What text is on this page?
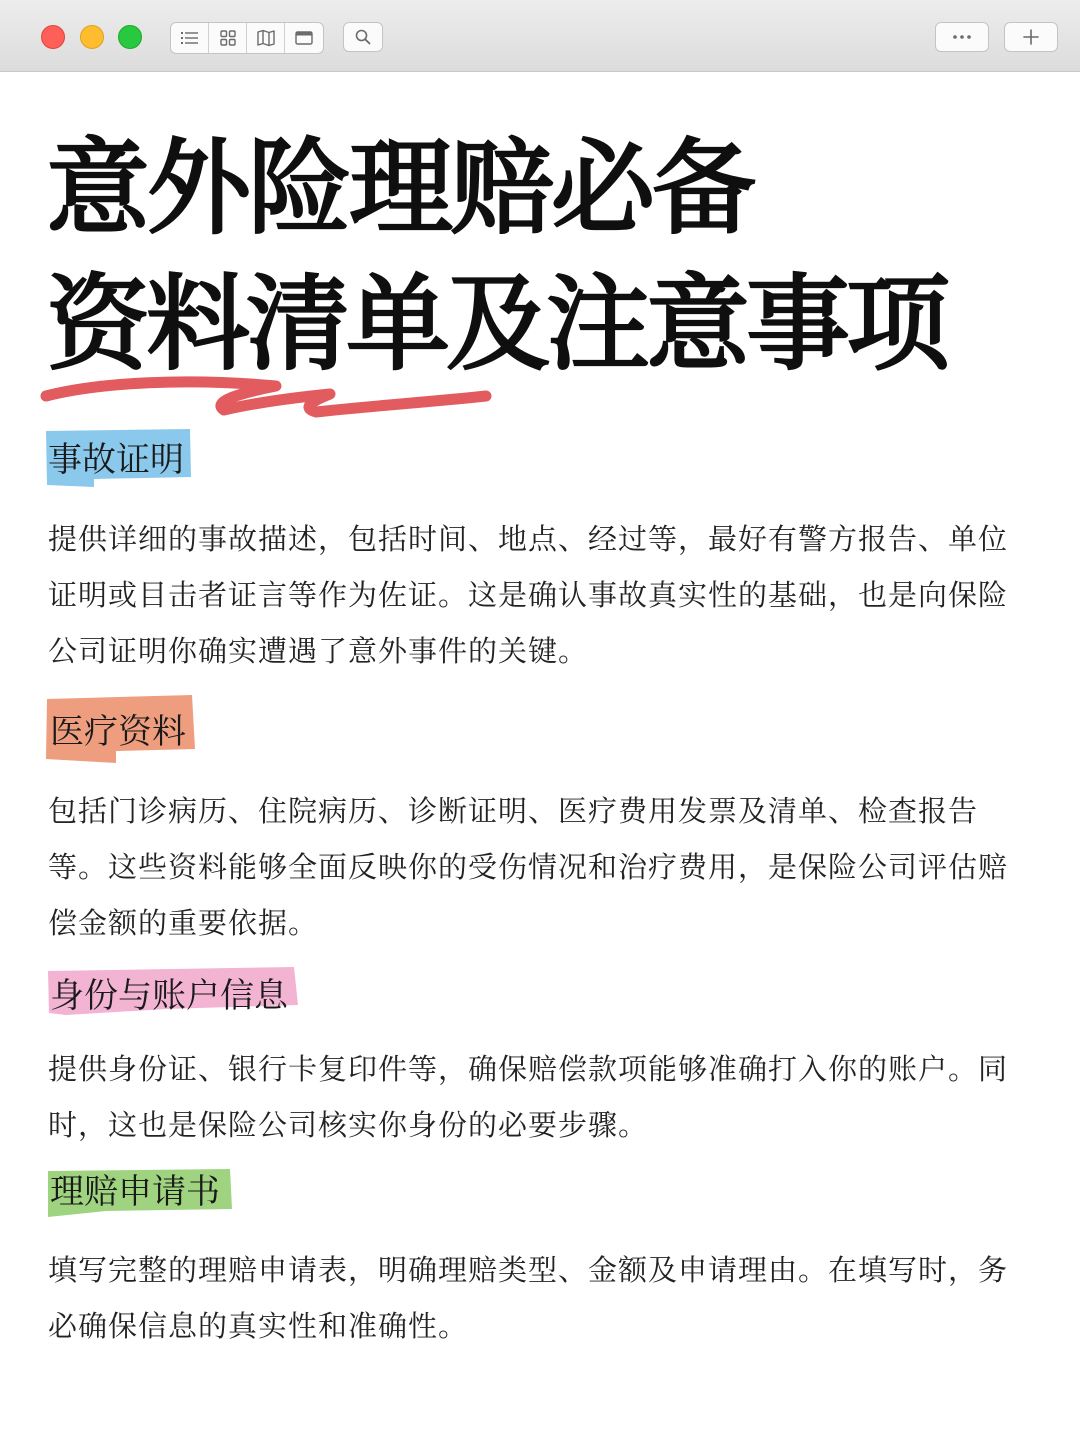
意外险理赔必备
资料清单及注意事项
事故证明

提供详细的事故描述，包括时间、地点、经过等，最好有警方报告、单位证明或目击者证言等作为佐证。这是确认事故真实性的基础，也是向保险公司证明你确实遭遇了意外事件的关键。

医疗资料

包括门诊病历、住院病历、诊断证明、医疗费用发票及清单、检查报告等。这些资料能够全面反映你的受伤情况和治疗费用，是保险公司评估赔偿金额的重要依据。

身份与账户信息

提供身份证、银行卡复印件等，确保赔偿款项能够准确打入你的账户。同时，这也是保险公司核实你身份的必要步骤。

理赔申请书

填写完整的理赔申请表，明确理赔类型、金额及申请理由。在填写时，务必确保信息的真实性和准确性。
